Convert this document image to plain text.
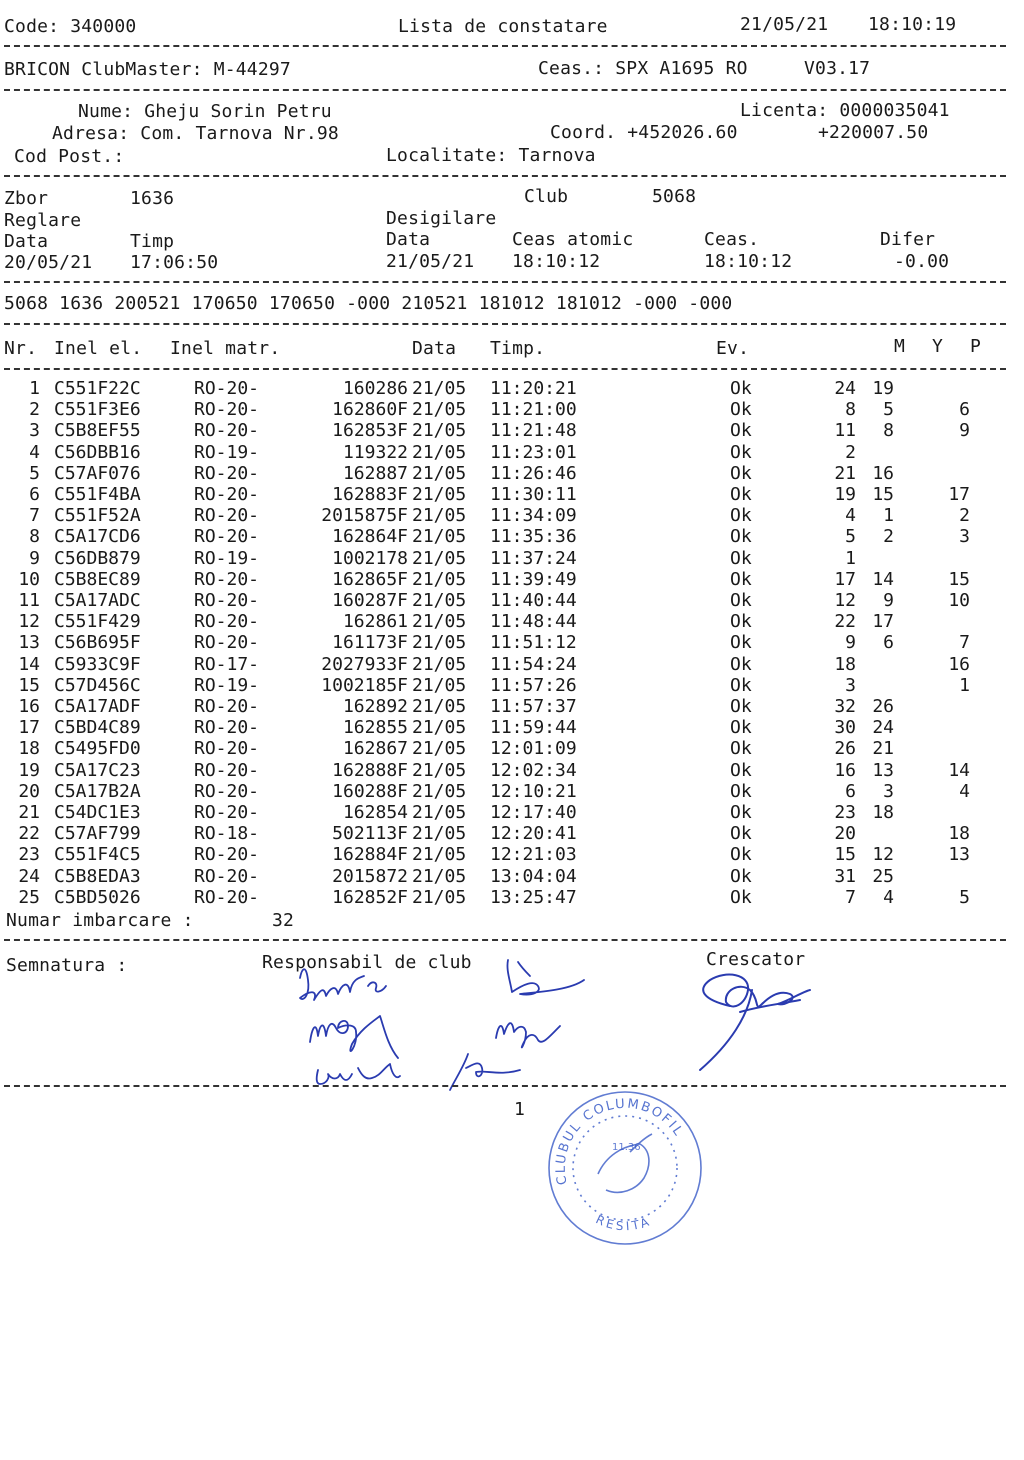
Code: 340000	Lista de constatare	21/05/21 18:10:19
BRICON ClubMaster: M-44297	Ceas.: SPX A1695 RO	V03.17
Nume: Gheju Sorin Petru	Licenta: 0000035041
Adresa: Com. Tarnova Nr.98	Coord. +452026.60	+220007.50
Cod Post.:	Localitate: Tarnova
Zbor	1636	Club	5068
Reglare	Desigilare
Data	Timp	Data	Ceas atomic	Ceas.	Difer
20/05/21 17:06:50	21/05/21 18:10:12	18:10:12	-0.00
5068 1636 200521 170650 170650 -000 210521 181012 181012 -000 -000
Nr. Inel el. Inel matr.	Data Timp.	Ev.	M Y P
1 C551F22C	RO-20-	160286 21/05 11:20:21	Ok	24 19
2 C551F3E6	RO-20-	162860F 21/05 11:21:00	Ok	8 5	6
3 C5B8EF55	RO-20-	162853F 21/05 11:21:48	Ok	11 8	9
4 C56DBB16	RO-19-	119322 21/05 11:23:01	Ok	2
5 C57AF076	RO-20-	162887 21/05 11:26:46	Ok	21 16
6 C551F4BA	RO-20-	162883F 21/05 11:30:11	Ok	19 15	17
7 C551F52A	RO-20-	2015875F 21/05 11:34:09	Ok	4 1	2
8 C5A17CD6	RO-20-	162864F 21/05 11:35:36	Ok	5 2	3
9 C56DB879	RO-19-	1002178 21/05 11:37:24	Ok	1
10 C5B8EC89	RO-20-	162865F 21/05 11:39:49	Ok	17 14	15
11 C5A17ADC	RO-20-	160287F 21/05 11:40:44	Ok	12 9	10
12 C551F429	RO-20-	162861 21/05 11:48:44	Ok	22 17
13 C56B695F	RO-20-	161173F 21/05 11:51:12	Ok	9 6	7
14 C5933C9F	RO-17-	2027933F 21/05 11:54:24	Ok	18	16
15 C57D456C	RO-19-	1002185F 21/05 11:57:26	Ok	3	1
16 C5A17ADF	RO-20-	162892 21/05 11:57:37	Ok	32 26
17 C5BD4C89	RO-20-	162855 21/05 11:59:44	Ok	30 24
18 C5495FD0	RO-20-	162867 21/05 12:01:09	Ok	26 21
19 C5A17C23	RO-20-	162888F 21/05 12:02:34	Ok	16 13	14
20 C5A17B2A	RO-20-	160288F 21/05 12:10:21	Ok	6 3	4
21 C54DC1E3	RO-20-	162854 21/05 12:17:40	Ok	23 18
22 C57AF799	RO-18-	502113F 21/05 12:20:41	Ok	20	18
23 C551F4C5	RO-20-	162884F 21/05 12:21:03	Ok	15 12	13
24 C5B8EDA3	RO-20-	2015872 21/05 13:04:04	Ok	31 25
25 C5BD5026	RO-20-	162852F 21/05 13:25:47	Ok	7 4	5
Numar imbarcare :	32
Semnatura :	Responsabil de club	Crescator
1
CLUBUL COLUMBOFIL
RESITA
11.36
